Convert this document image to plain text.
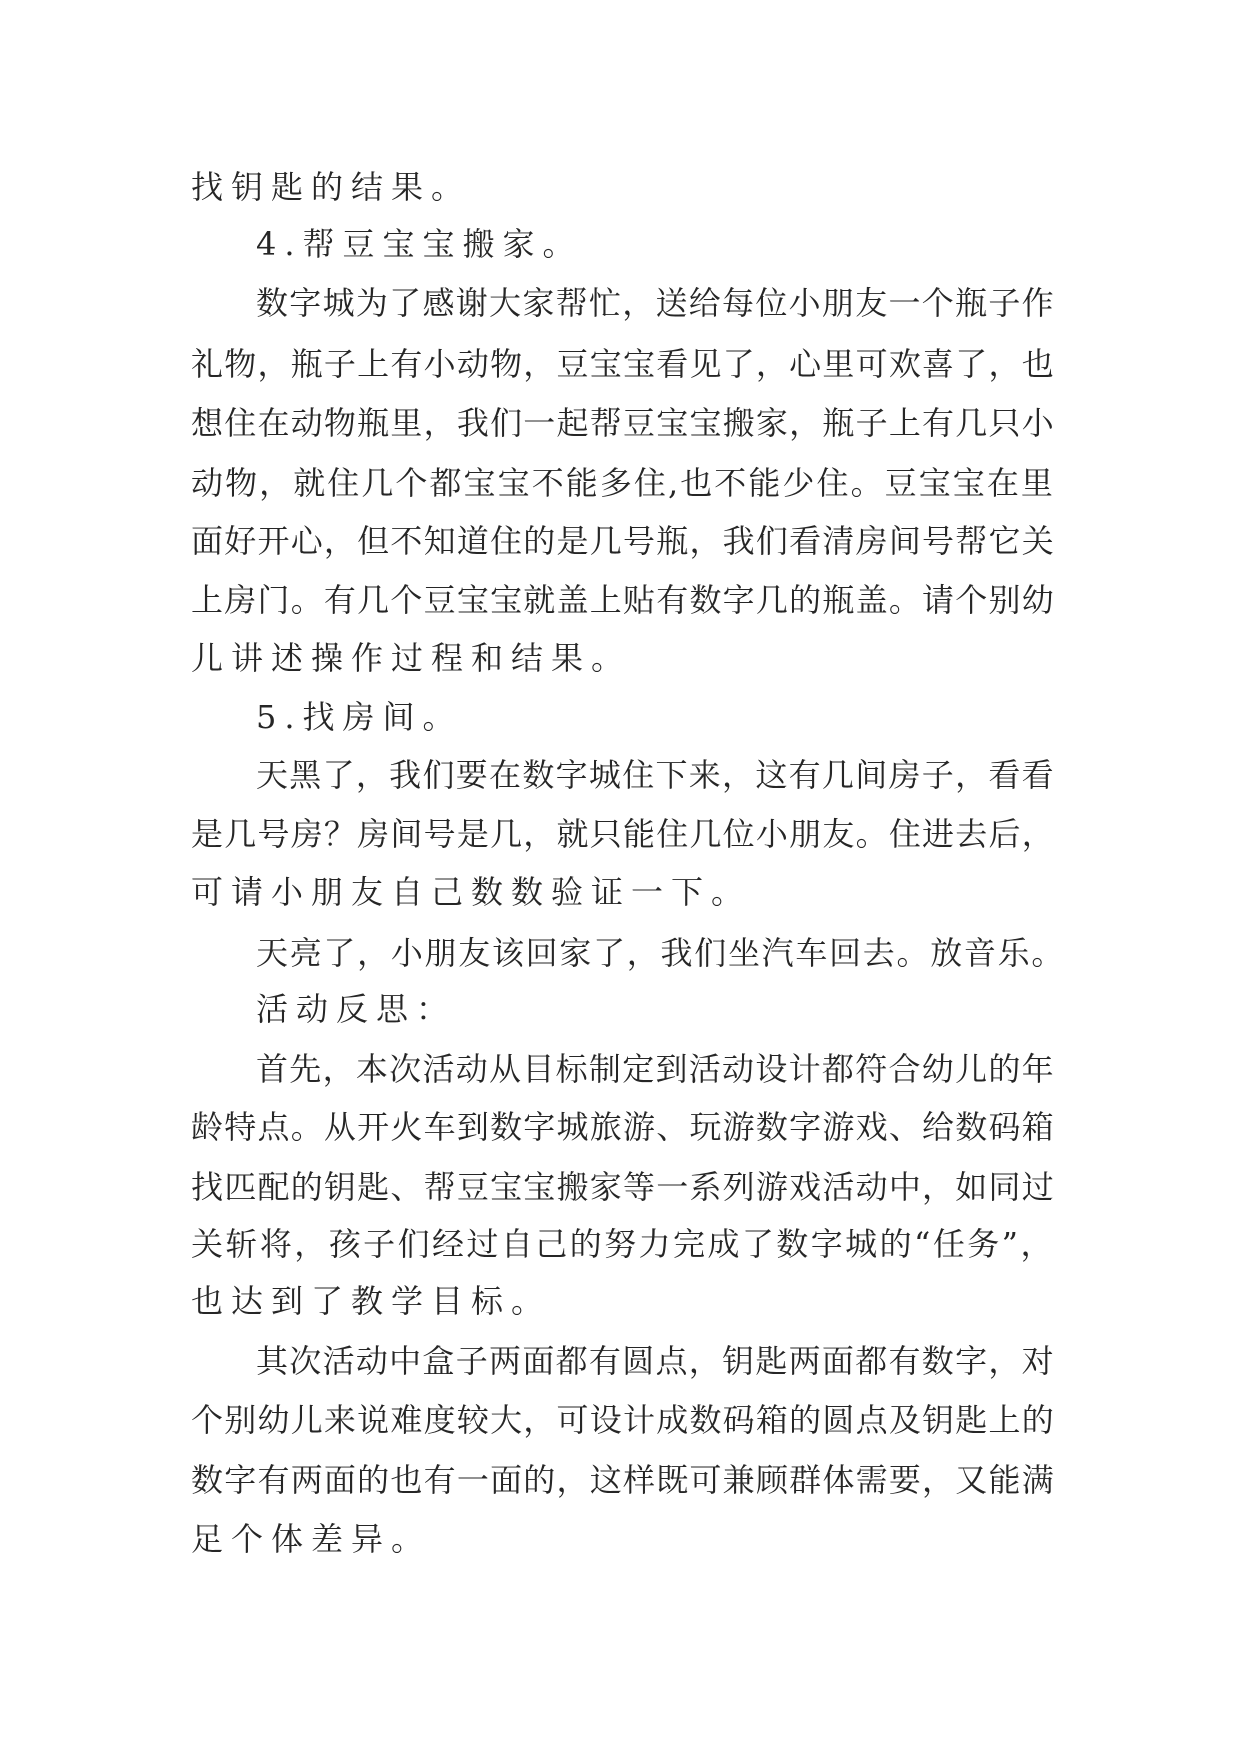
找钥匙的结果。

4.帮豆宝宝搬家。

数字城为了感谢大家帮忙，送给每位小朋友一个瓶子作

礼物，瓶子上有小动物，豆宝宝看见了，心里可欢喜了，也

想住在动物瓶里，我们一起帮豆宝宝搬家，瓶子上有几只小

动物，就住几个都宝宝不能多住,也不能少住。豆宝宝在里

面好开心，但不知道住的是几号瓶，我们看清房间号帮它关

上房门。有几个豆宝宝就盖上贴有数字几的瓶盖。请个别幼

儿讲述操作过程和结果。

5.找房间。

天黑了，我们要在数字城住下来，这有几间房子，看看

是几号房？房间号是几，就只能住几位小朋友。住进去后，

可请小朋友自己数数验证一下。

天亮了，小朋友该回家了，我们坐汽车回去。放音乐。

活动反思：

首先，本次活动从目标制定到活动设计都符合幼儿的年

龄特点。从开火车到数字城旅游、玩游数字游戏、给数码箱

找匹配的钥匙、帮豆宝宝搬家等一系列游戏活动中，如同过

关斩将，孩子们经过自己的努力完成了数字城的“任务”，

也达到了教学目标。

其次活动中盒子两面都有圆点，钥匙两面都有数字，对

个别幼儿来说难度较大，可设计成数码箱的圆点及钥匙上的

数字有两面的也有一面的，这样既可兼顾群体需要，又能满

足个体差异。
